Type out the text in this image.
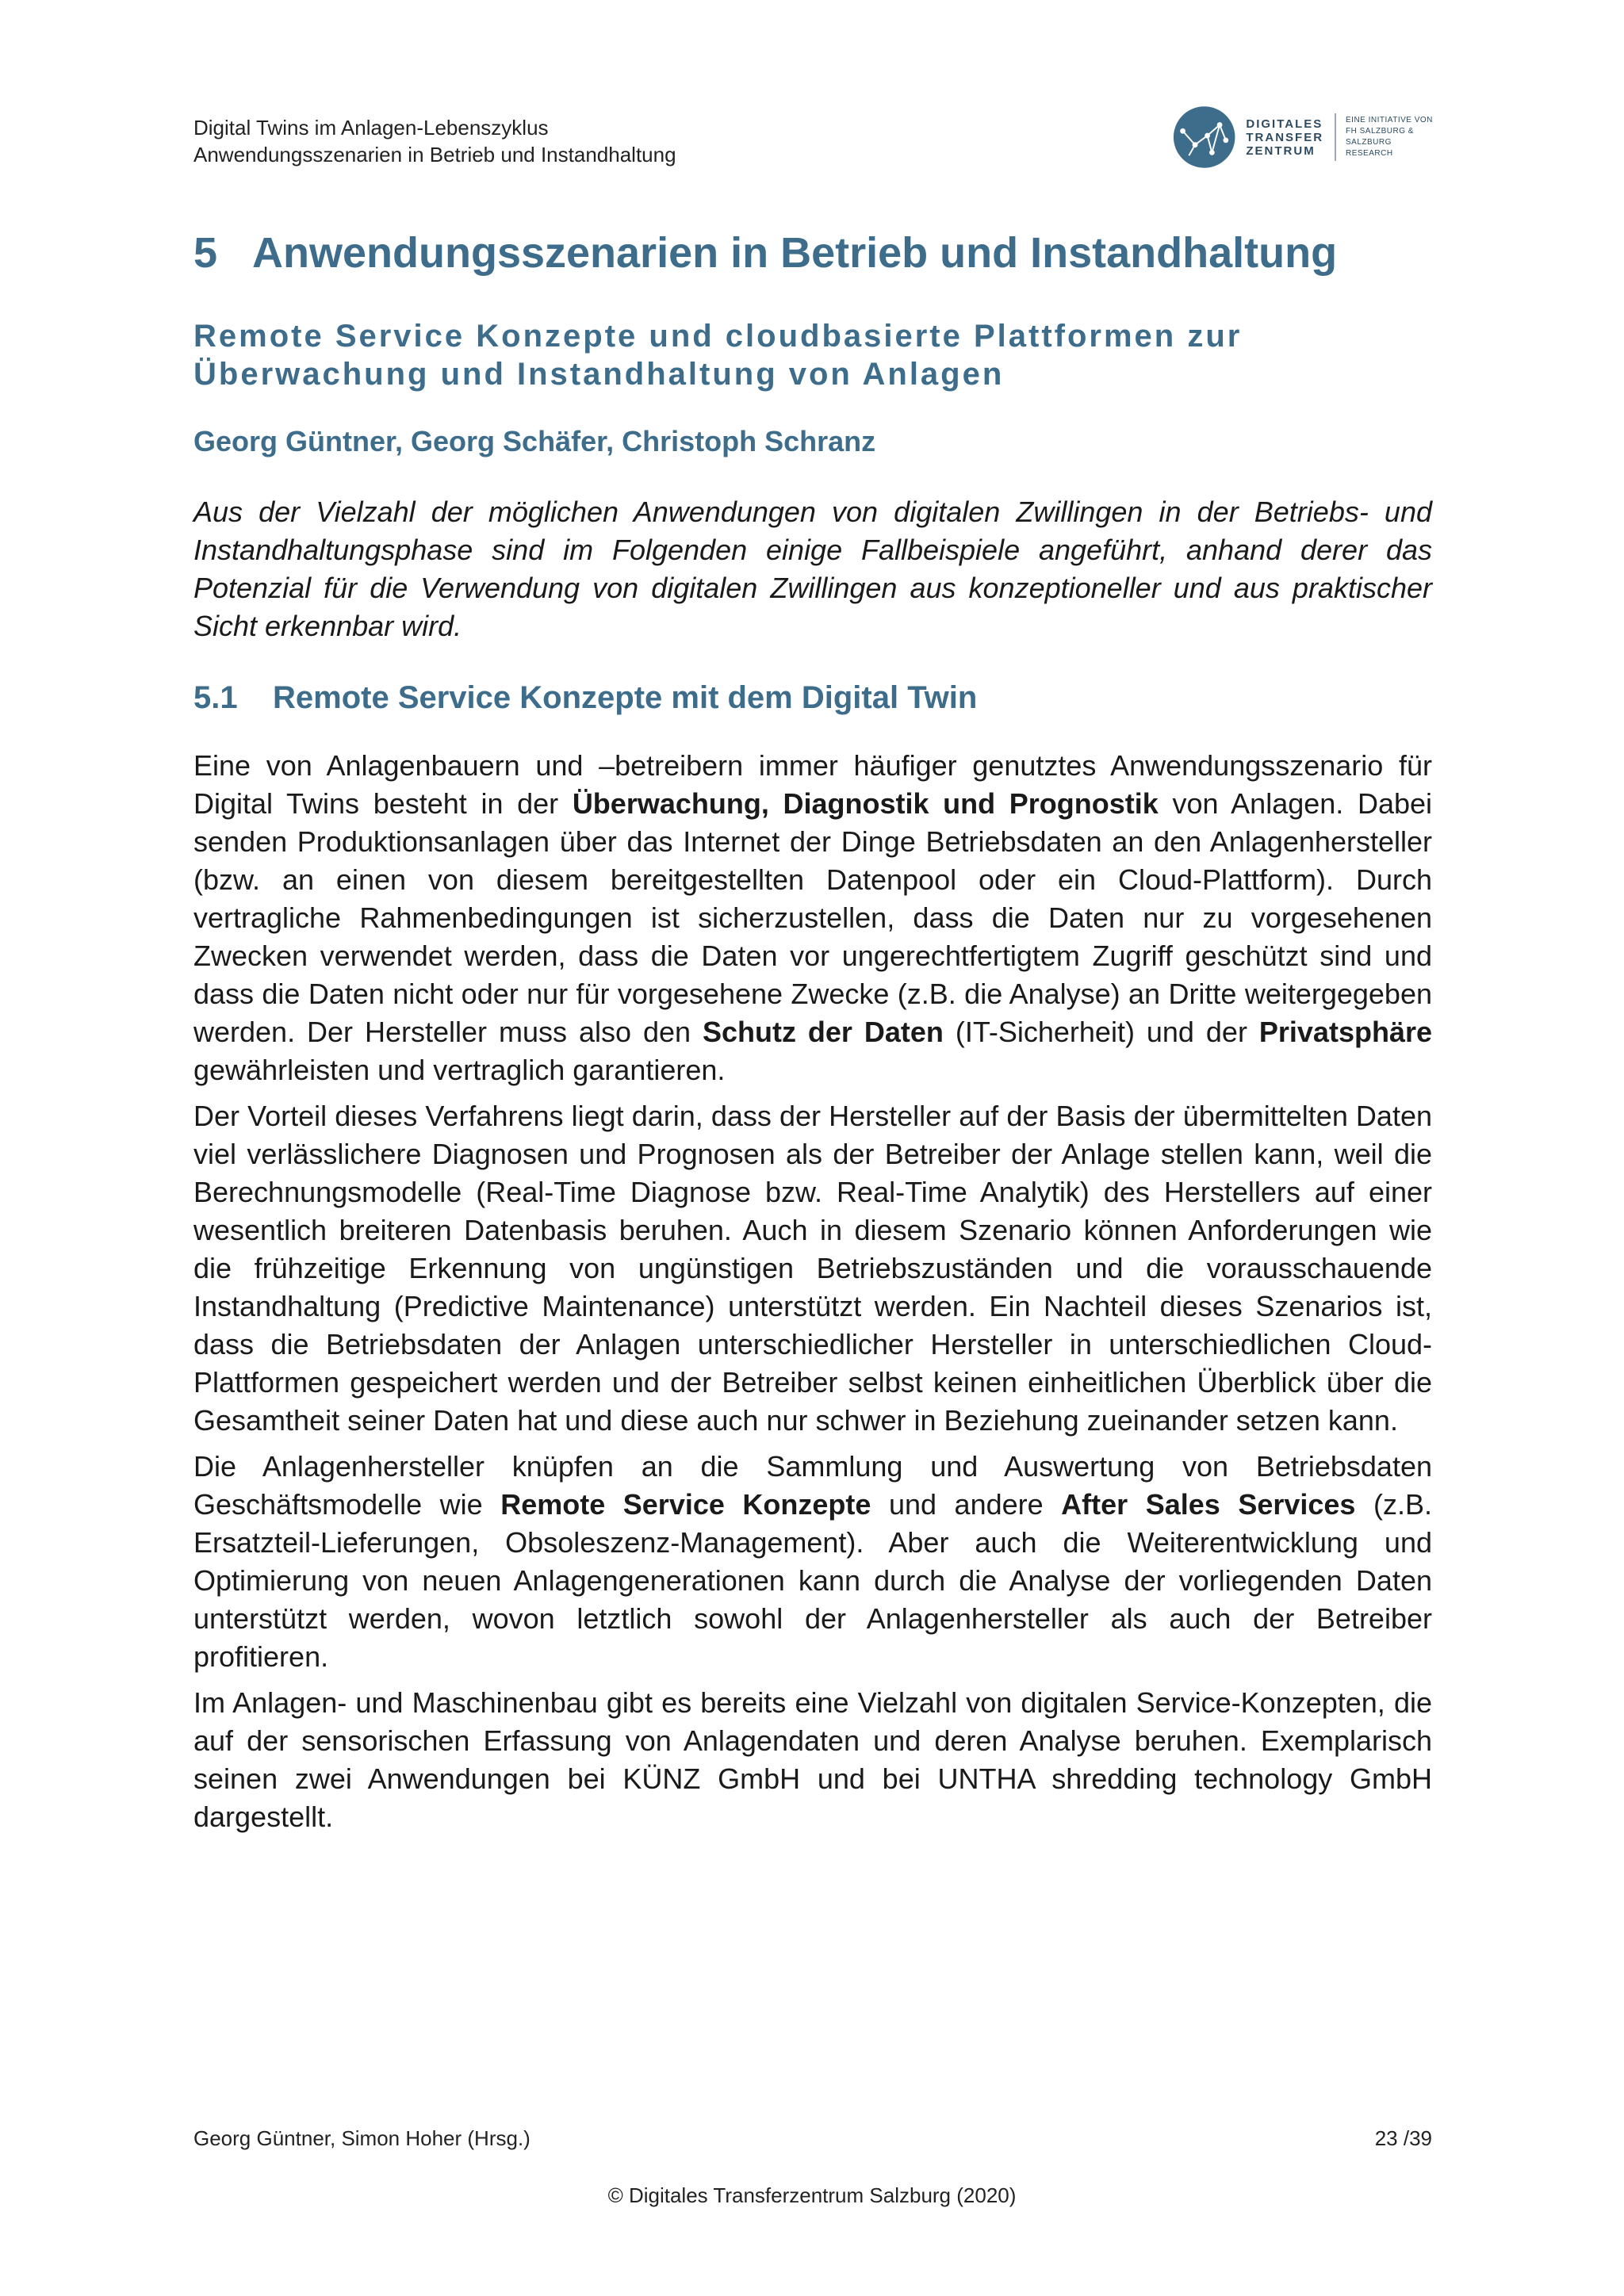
Digital Twins im Anlagen-Lebenszyklus
Anwendungsszenarien in Betrieb und Instandhaltung
DIGITALES
TRANSFER
ZENTRUM
EINE INITIATIVE VON
FH SALZBURG &
SALZBURG RESEARCH
5 Anwendungsszenarien in Betrieb und Instandhaltung
Remote Service Konzepte und cloudbasierte Plattformen zur
Überwachung und Instandhaltung von Anlagen

Georg Güntner, Georg Schäfer, Christoph Schranz

Aus der Vielzahl der möglichen Anwendungen von digitalen Zwillingen in der Betriebs- und Instandhaltungsphase sind im Folgenden einige Fallbeispiele angeführt, anhand derer das Potenzial für die Verwendung von digitalen Zwillingen aus konzeptioneller und aus praktischer Sicht erkennbar wird.

5.1 Remote Service Konzepte mit dem Digital Twin

Eine von Anlagenbauern und –betreibern immer häufiger genutztes Anwendungsszenario für Digital Twins besteht in der Überwachung, Diagnostik und Prognostik von Anlagen. Dabei senden Produktionsanlagen über das Internet der Dinge Betriebsdaten an den Anlagenhersteller (bzw. an einen von diesem bereitgestellten Datenpool oder ein Cloud-Plattform). Durch vertragliche Rahmenbedingungen ist sicherzustellen, dass die Daten nur zu vorgesehenen Zwecken verwendet werden, dass die Daten vor ungerechtfertigtem Zugriff geschützt sind und dass die Daten nicht oder nur für vorgesehene Zwecke (z.B. die Analyse) an Dritte weitergegeben werden. Der Hersteller muss also den Schutz der Daten (IT-Sicherheit) und der Privatsphäre gewährleisten und vertraglich garantieren.

Der Vorteil dieses Verfahrens liegt darin, dass der Hersteller auf der Basis der übermittelten Daten viel verlässlichere Diagnosen und Prognosen als der Betreiber der Anlage stellen kann, weil die Berechnungsmodelle (Real-Time Diagnose bzw. Real-Time Analytik) des Herstellers auf einer wesentlich breiteren Datenbasis beruhen. Auch in diesem Szenario können Anforderungen wie die frühzeitige Erkennung von ungünstigen Betriebszuständen und die vorausschauende Instandhaltung (Predictive Maintenance) unterstützt werden. Ein Nachteil dieses Szenarios ist, dass die Betriebsdaten der Anlagen unterschiedlicher Hersteller in unterschiedlichen Cloud-Plattformen gespeichert werden und der Betreiber selbst keinen einheitlichen Überblick über die Gesamtheit seiner Daten hat und diese auch nur schwer in Beziehung zueinander setzen kann.

Die Anlagenhersteller knüpfen an die Sammlung und Auswertung von Betriebsdaten Geschäftsmodelle wie Remote Service Konzepte und andere After Sales Services (z.B. Ersatzteil-Lieferungen, Obsoleszenz-Management). Aber auch die Weiterentwicklung und Optimierung von neuen Anlagengenerationen kann durch die Analyse der vorliegenden Daten unterstützt werden, wovon letztlich sowohl der Anlagenhersteller als auch der Betreiber profitieren.

Im Anlagen- und Maschinenbau gibt es bereits eine Vielzahl von digitalen Service-Konzepten, die auf der sensorischen Erfassung von Anlagendaten und deren Analyse beruhen. Exemplarisch seinen zwei Anwendungen bei KÜNZ GmbH und bei UNTHA shredding technology GmbH dargestellt.

Georg Güntner, Simon Hoher (Hrsg.)	23 /39
© Digitales Transferzentrum Salzburg (2020)
